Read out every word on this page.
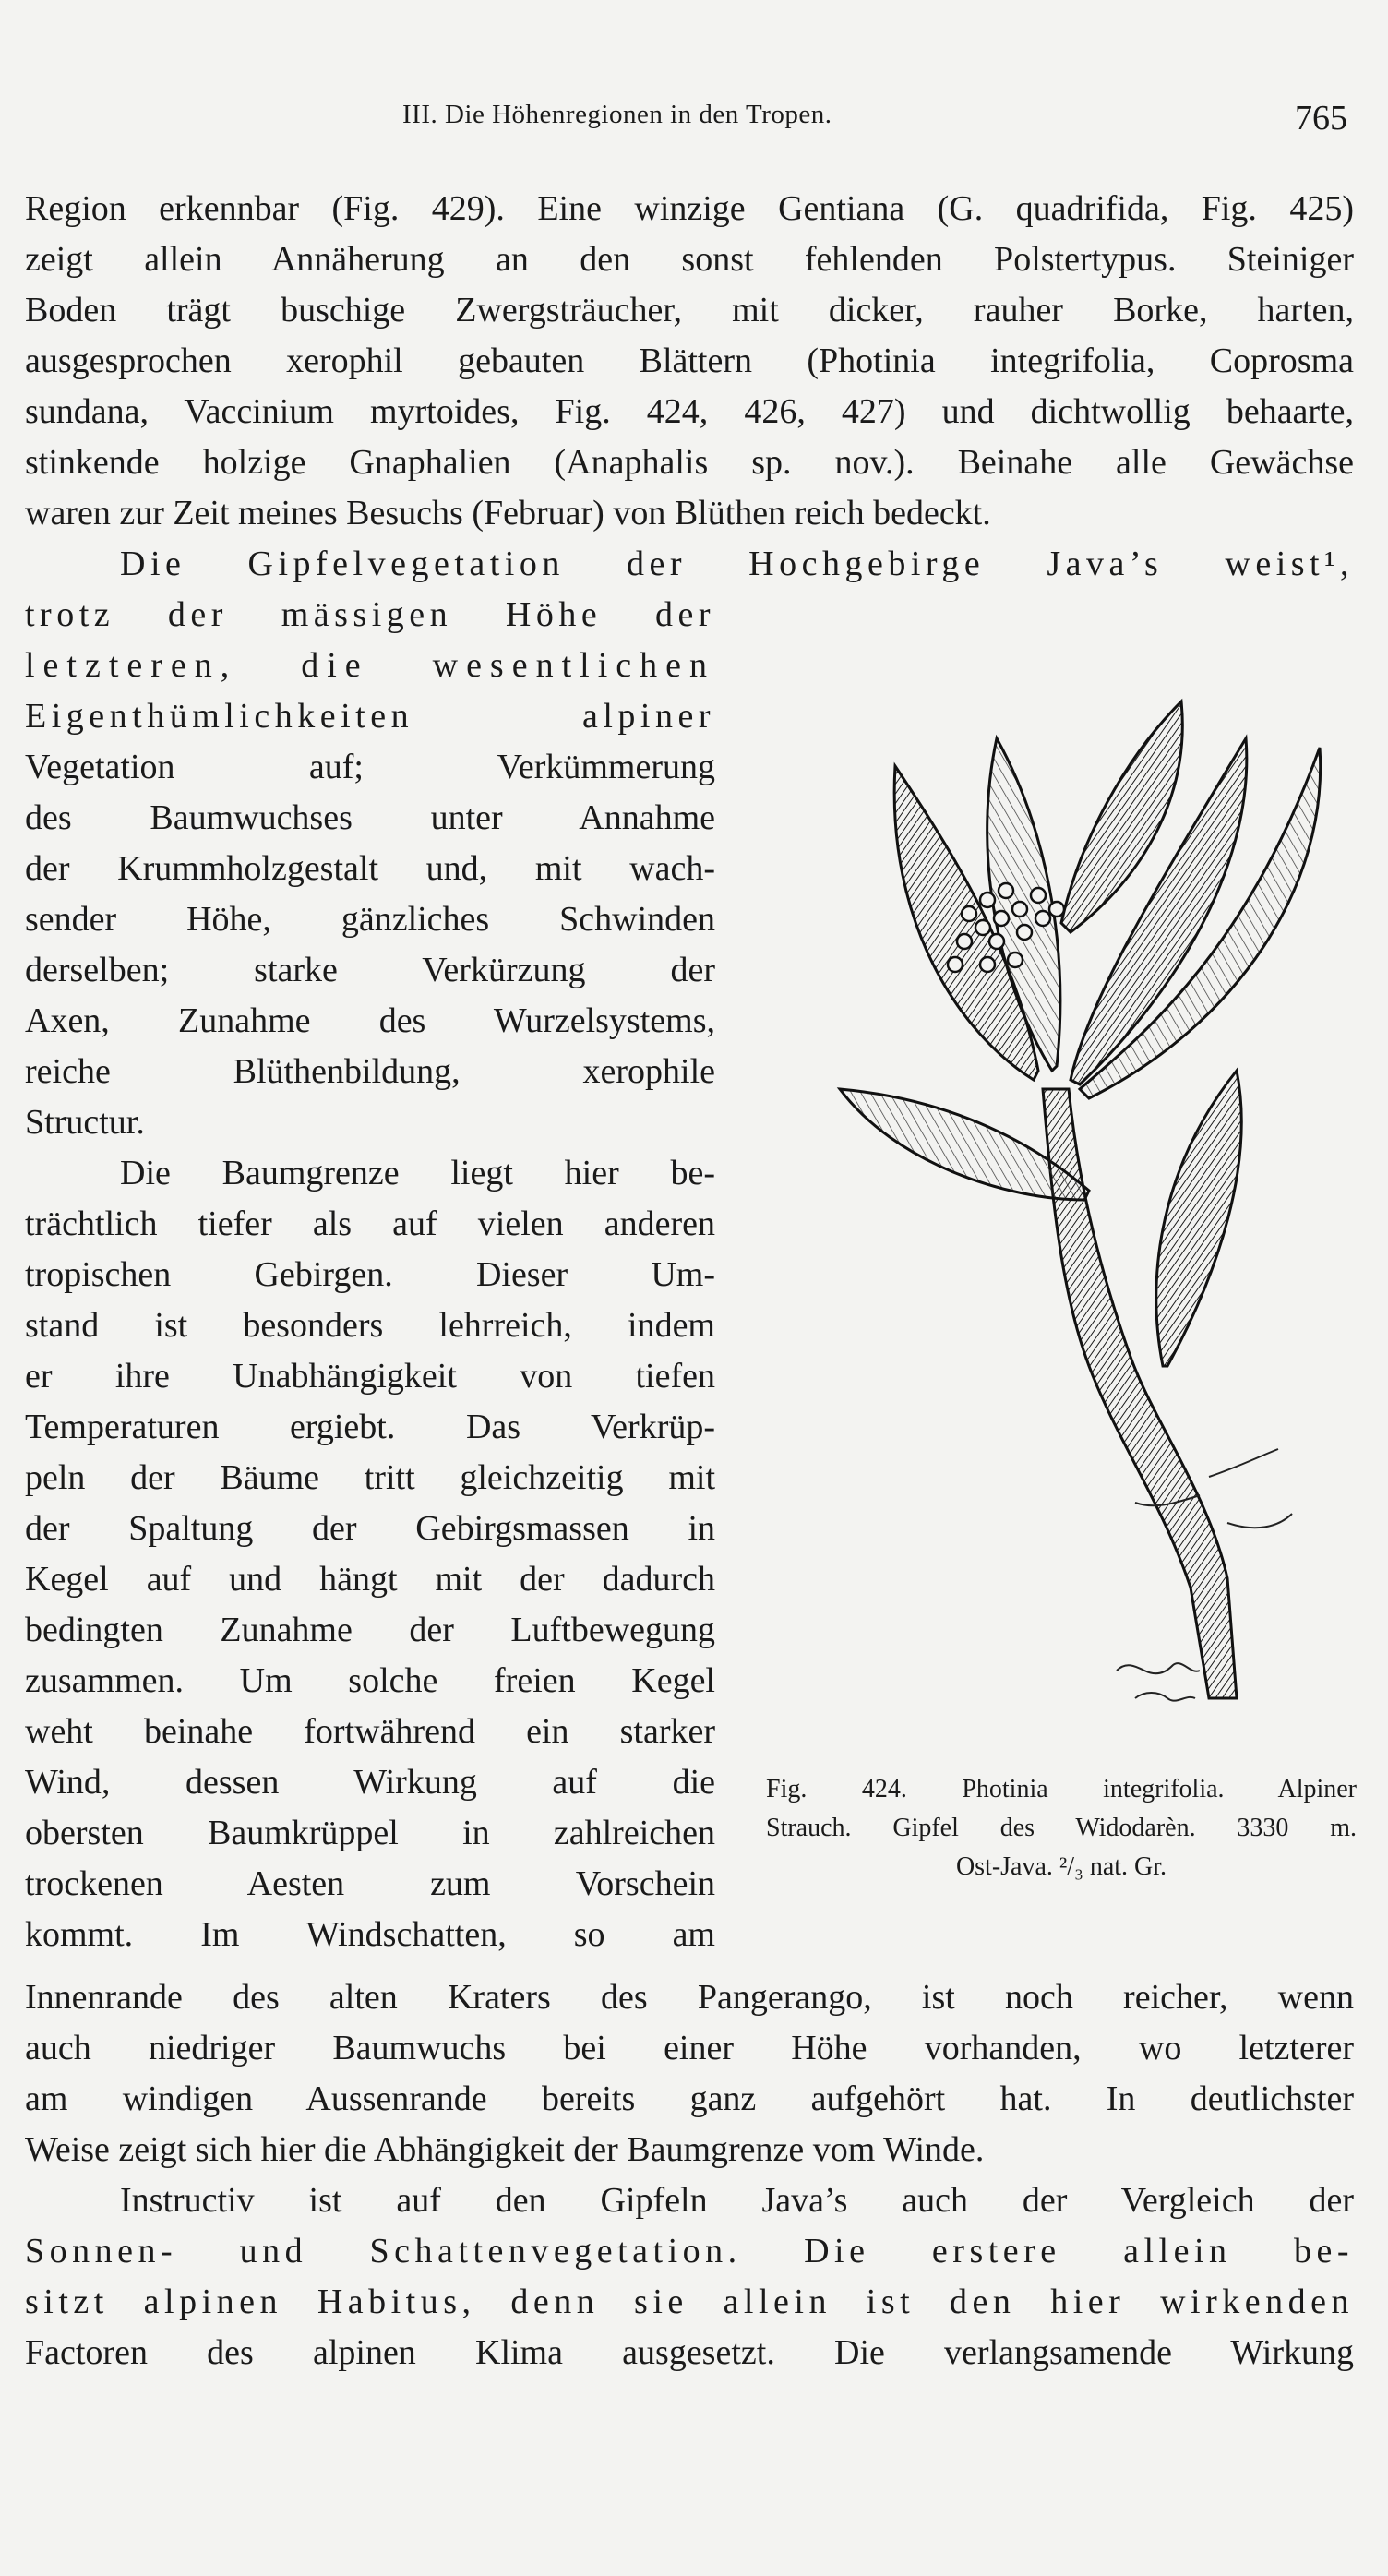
III. Die Höhenregionen in den Tropen.	765
Region erkennbar (Fig. 429). Eine winzige Gentiana (G. quadrifida, Fig. 425)
zeigt allein Annäherung an den sonst fehlenden Polstertypus. Steiniger
Boden trägt buschige Zwergsträucher, mit dicker, rauher Borke, harten,
ausgesprochen xerophil gebauten Blättern (Photinia integrifolia, Coprosma
sundana, Vaccinium myrtoides, Fig. 424, 426, 427) und dichtwollig behaarte,
stinkende holzige Gnaphalien (Anaphalis sp. nov.). Beinahe alle Gewächse
waren zur Zeit meines Besuchs (Februar) von Blüthen reich bedeckt.
Die Gipfelvegetation der Hochgebirge Java’s weist¹,
trotz der mässigen Höhe der
letzteren, die wesentlichen
Eigenthümlichkeiten alpiner
Vegetation auf; Verkümmerung
des Baumwuchses unter Annahme
der Krummholzgestalt und, mit wach-
sender Höhe, gänzliches Schwinden
derselben; starke Verkürzung der
Axen, Zunahme des Wurzelsystems,
reiche Blüthenbildung, xerophile
Structur.
Die Baumgrenze liegt hier be-
trächtlich tiefer als auf vielen anderen
tropischen Gebirgen. Dieser Um-
stand ist besonders lehrreich, indem
er ihre Unabhängigkeit von tiefen
Temperaturen ergiebt. Das Verkrüp-
peln der Bäume tritt gleichzeitig mit
der Spaltung der Gebirgsmassen in
Kegel auf und hängt mit der dadurch
bedingten Zunahme der Luftbewegung
zusammen. Um solche freien Kegel
weht beinahe fortwährend ein starker
Wind, dessen Wirkung auf die
obersten Baumkrüppel in zahlreichen
trockenen Aesten zum Vorschein
kommt. Im Windschatten, so am
Innenrande des alten Kraters des Pangerango, ist noch reicher, wenn
auch niedriger Baumwuchs bei einer Höhe vorhanden, wo letzterer
am windigen Aussenrande bereits ganz aufgehört hat. In deutlichster
Weise zeigt sich hier die Abhängigkeit der Baumgrenze vom Winde.
Instructiv ist auf den Gipfeln Java’s auch der Vergleich der
Sonnen- und Schattenvegetation. Die erstere allein be-
sitzt alpinen Habitus, denn sie allein ist den hier wirkenden
Factoren des alpinen Klima ausgesetzt. Die verlangsamende Wirkung
Fig. 424. Photinia integrifolia. Alpiner
Strauch. Gipfel des Widodarèn. 3330 m.
Ost-Java. ²/₃ nat. Gr.
